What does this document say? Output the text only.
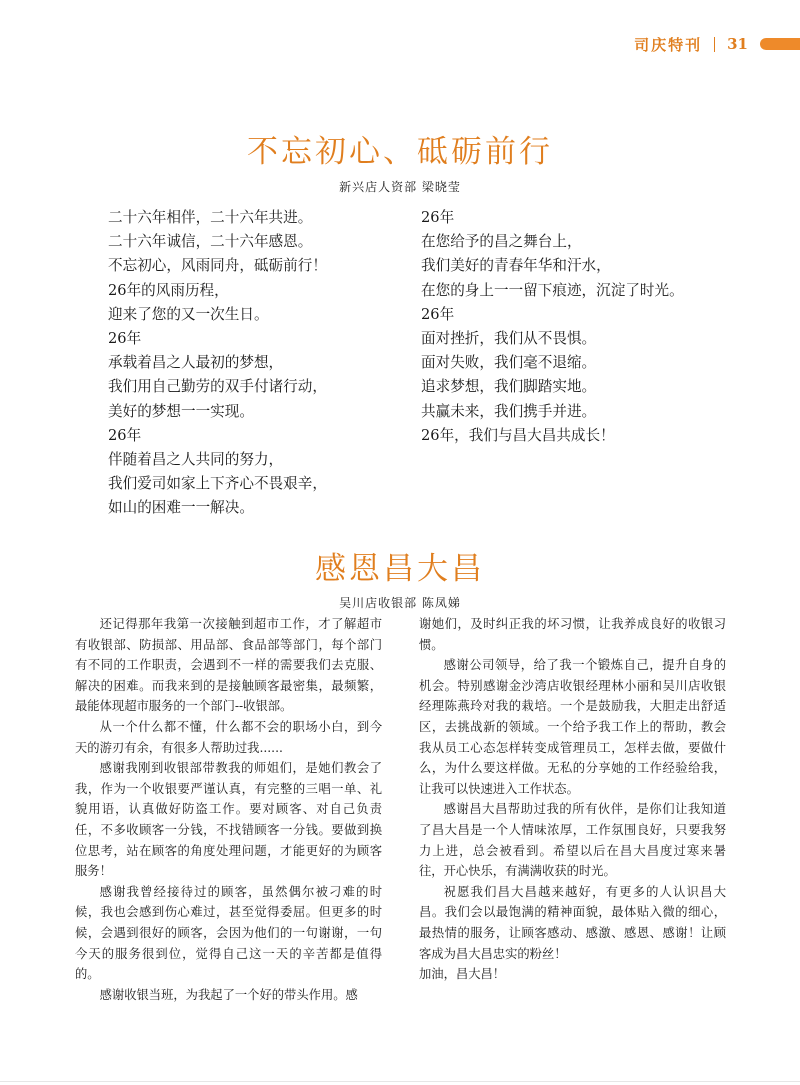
司庆特刊 31
不忘初心、砥砺前行
新兴店人资部 梁晓莹
二十六年相伴，二十六年共进。
二十六年诚信，二十六年感恩。
不忘初心，风雨同舟，砥砺前行！
26年的风雨历程，
迎来了您的又一次生日。
26年
承载着昌之人最初的梦想，
我们用自己勤劳的双手付诸行动，
美好的梦想一一实现。
26年
伴随着昌之人共同的努力，
我们爱司如家上下齐心不畏艰辛，
如山的困难一一解决。
26年
在您给予的昌之舞台上，
我们美好的青春年华和汗水，
在您的身上一一留下痕迹，沉淀了时光。
26年
面对挫折，我们从不畏惧。
面对失败，我们毫不退缩。
追求梦想，我们脚踏实地。
共赢未来，我们携手并进。
26年，我们与昌大昌共成长！
感恩昌大昌
吴川店收银部 陈凤娣

还记得那年我第一次接触到超市工作，才了解超市有收银部、防损部、用品部、食品部等部门，每个部门有不同的工作职责，会遇到不一样的需要我们去克服、解决的困难。而我来到的是接触顾客最密集，最频繁，最能体现超市服务的一个部门--收银部。

从一个什么都不懂，什么都不会的职场小白，到今天的游刃有余，有很多人帮助过我......

感谢我刚到收银部带教我的师姐们，是她们教会了我，作为一个收银要严谨认真，有完整的三唱一单、礼貌用语，认真做好防盗工作。要对顾客、对自己负责任，不多收顾客一分钱，不找错顾客一分钱。要做到换位思考，站在顾客的角度处理问题，才能更好的为顾客服务！

感谢我曾经接待过的顾客，虽然偶尔被刁难的时候，我也会感到伤心难过，甚至觉得委屈。但更多的时候，会遇到很好的顾客，会因为他们的一句谢谢，一句今天的服务很到位，觉得自己这一天的辛苦都是值得的。

感谢收银当班，为我起了一个好的带头作用。感

谢她们，及时纠正我的坏习惯，让我养成良好的收银习惯。

感谢公司领导，给了我一个锻炼自己，提升自身的机会。特别感谢金沙湾店收银经理林小丽和吴川店收银经理陈燕玲对我的栽培。一个是鼓励我，大胆走出舒适区，去挑战新的领域。一个给予我工作上的帮助，教会我从员工心态怎样转变成管理员工，怎样去做，要做什么，为什么要这样做。无私的分享她的工作经验给我，让我可以快速进入工作状态。

感谢昌大昌帮助过我的所有伙伴，是你们让我知道了昌大昌是一个人情味浓厚，工作氛围良好，只要我努力上进，总会被看到。希望以后在昌大昌度过寒来暑往，开心快乐，有满满收获的时光。

祝愿我们昌大昌越来越好，有更多的人认识昌大昌。我们会以最饱满的精神面貌，最体贴入微的细心，最热情的服务，让顾客感动、感激、感恩、感谢！让顾客成为昌大昌忠实的粉丝！

加油，昌大昌！
